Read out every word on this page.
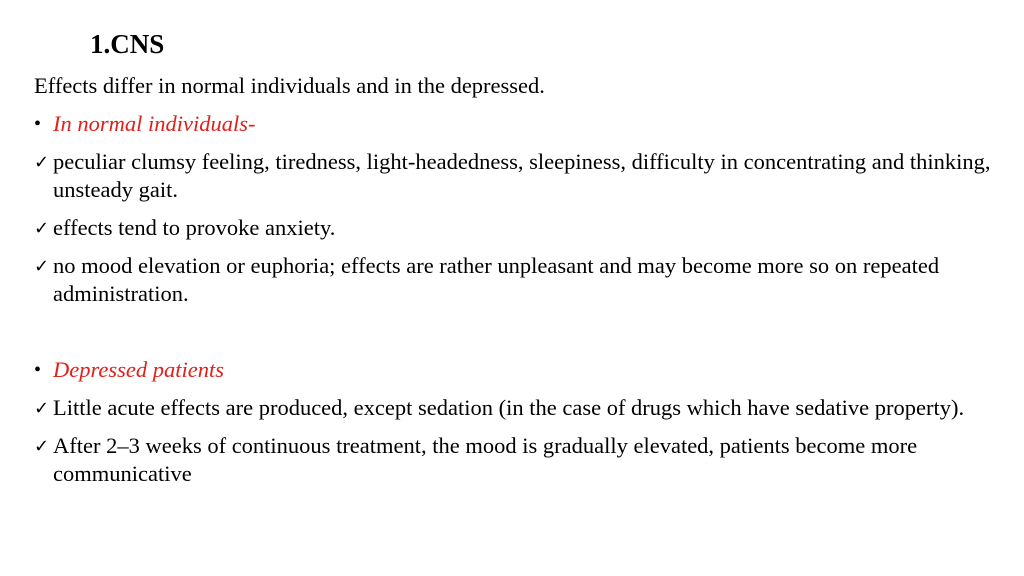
1.CNS
Effects differ in normal individuals and in the depressed.
• In normal individuals-
✓ peculiar clumsy feeling, tiredness, light-headedness, sleepiness, difficulty in concentrating and thinking, unsteady gait.
✓ effects tend to provoke anxiety.
✓ no mood elevation or euphoria; effects are rather unpleasant and may become more so on repeated administration.
• Depressed patients
✓ Little acute effects are produced, except sedation (in the case of drugs which have sedative property).
✓ After 2–3 weeks of continuous treatment, the mood is gradually elevated, patients become more communicative
